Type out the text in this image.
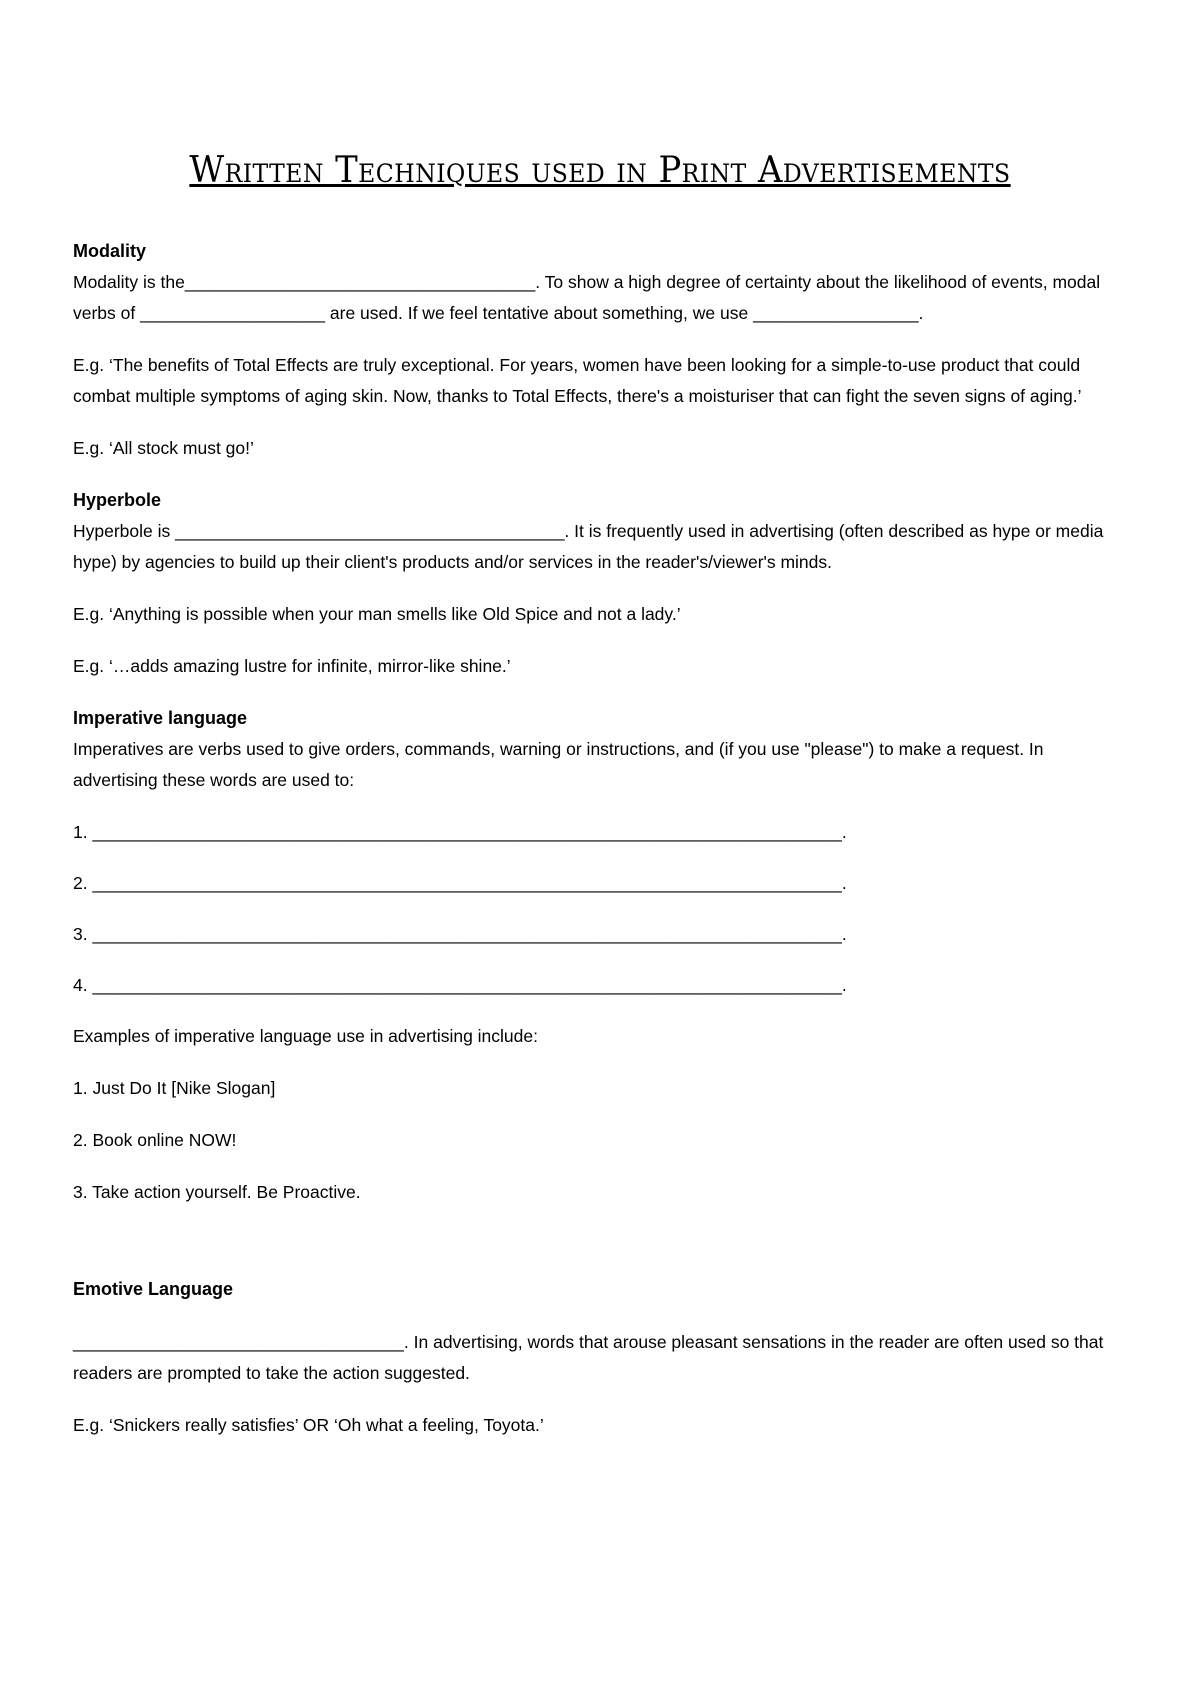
Written Techniques used in Print Advertisements
Modality

Modality is the____________________________________. To show a high degree of certainty about the likelihood of events, modal verbs of ___________________ are used. If we feel tentative about something, we use _________________.

E.g. ‘The benefits of Total Effects are truly exceptional. For years, women have been looking for a simple-to-use product that could combat multiple symptoms of aging skin. Now, thanks to Total Effects, there's a moisturiser that can fight the seven signs of aging.’

E.g. ‘All stock must go!’

Hyperbole

Hyperbole is ________________________________________. It is frequently used in advertising (often described as hype or media hype) by agencies to build up their client's products and/or services in the reader's/viewer's minds.

E.g. ‘Anything is possible when your man smells like Old Spice and not a lady.’

E.g. ‘…adds amazing lustre for infinite, mirror-like shine.’

Imperative language

Imperatives are verbs used to give orders, commands, warning or instructions, and (if you use "please") to make a request. In advertising these words are used to:

1. _____________________________________________________________________________.

2. _____________________________________________________________________________.

3. _____________________________________________________________________________.

4. _____________________________________________________________________________.

Examples of imperative language use in advertising include:

1. Just Do It [Nike Slogan]

2. Book online NOW!

3. Take action yourself. Be Proactive.

Emotive Language

__________________________________. In advertising, words that arouse pleasant sensations in the reader are often used so that readers are prompted to take the action suggested.

E.g. ‘Snickers really satisfies’ OR ‘Oh what a feeling, Toyota.’
